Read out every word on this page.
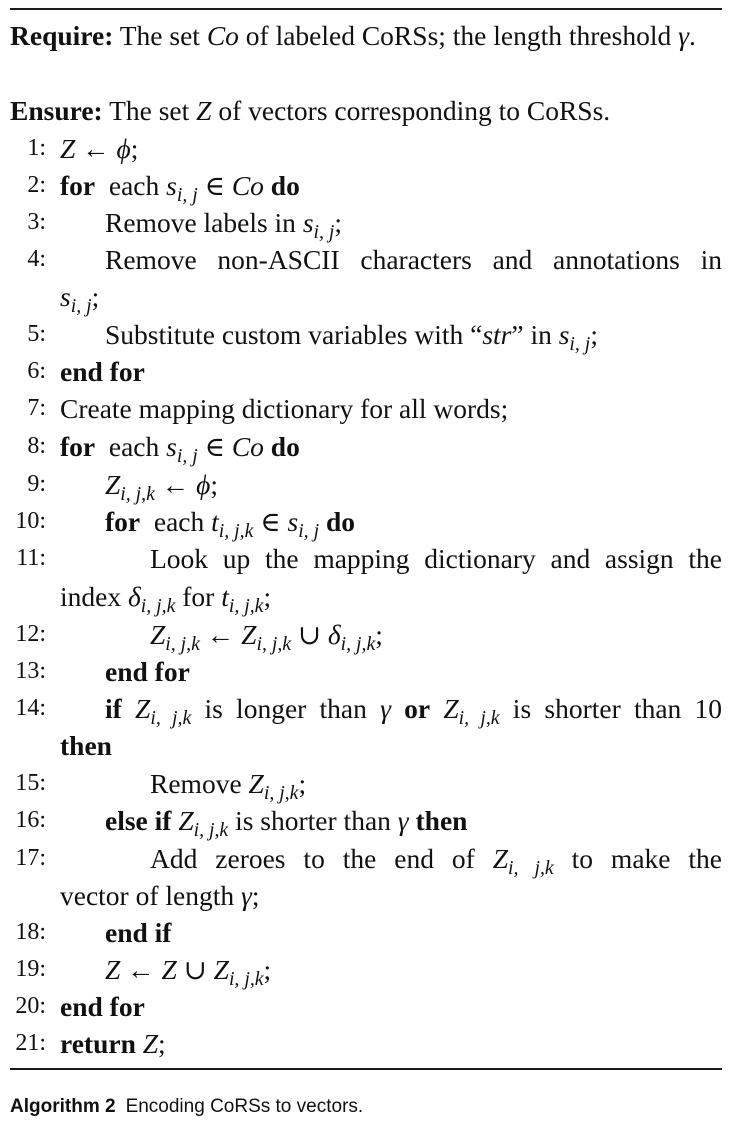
Require: The set Co of labeled CoRSs; the length threshold γ.
Ensure: The set Z of vectors corresponding to CoRSs.
1: Z ← ϕ;
2: for  each $s_{i, j}$ ∈ Co do
3: Remove labels in $s_{i, j}$;
4: Remove non-ASCII characters and annotations in
$s_{i, j}$;
5: Substitute custom variables with “str” in $s_{i, j}$;
6: end for
7: Create mapping dictionary for all words;
8: for  each $s_{i, j}$ ∈ Co do
9: $Z_{i, j,k}$ ← ϕ;
10: for  each $t_{i, j,k}$ ∈ $s_{i, j}$ do
11:	Look up the mapping dictionary and assign the
index $\delta_{i, j,k}$ for $t_{i, j,k}$;
12:	$Z_{i, j,k}$ ← $Z_{i, j,k}$ ∪ $\delta_{i, j,k}$;
13: end for
14: if $Z_{i, j,k}$ is longer than γ or $Z_{i, j,k}$ is shorter than 10
then
15:	Remove $Z_{i, j,k}$;
16: else if $Z_{i, j,k}$ is shorter than γ then
17:	Add zeroes to the end of $Z_{i, j,k}$ to make the
vector of length γ;
18: end if
19: Z ← Z ∪ $Z_{i, j,k}$;
20: end for
21: return Z;
Algorithm 2 Encoding CoRSs to vectors.
